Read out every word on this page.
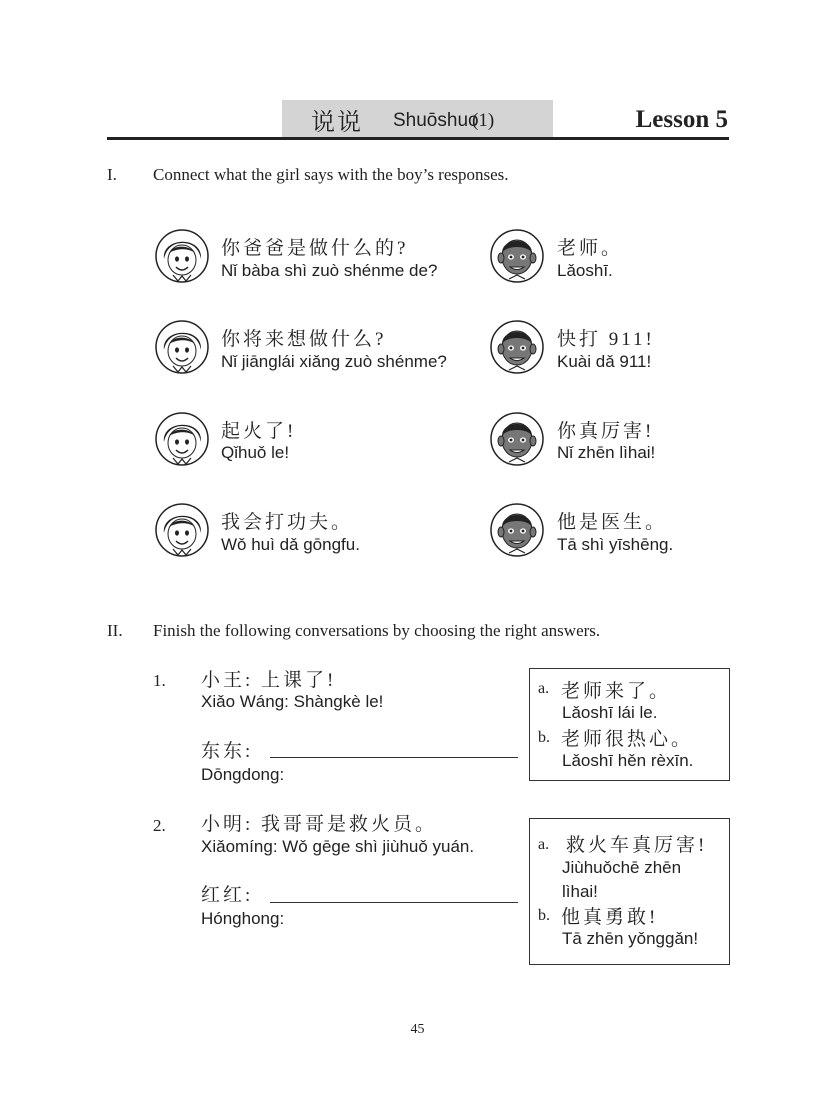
说说 Shuōshuo
(1)	Lesson 5
I. Connect what the girl says with the boy’s responses.
你爸爸是做什么的?
Nǐ bàba shì zuò shénme de?
你将来想做什么?
Nǐ jiānglái xiǎng zuò shénme?
起火了!
Qǐhuǒ le!
我会打功夫。
Wǒ huì dǎ gōngfu.
老师。
Lǎoshī.
快打 911!
Kuài dǎ 911!
你真厉害!
Nǐ zhēn lìhai!
他是医生。
Tā shì yīshēng.
II. Finish the following conversations by choosing the right answers.
1. 小王: 上课了!
Xiǎo Wáng: Shàngkè le!
东东:
Dōngdong:
a. 老师来了。
Lǎoshī lái le.
b. 老师很热心。
Lǎoshī hěn rèxīn.
2. 小明: 我哥哥是救火员。
Xiǎomíng: Wǒ gēge shì jiùhuǒ yuán.
红红:
Hónghong:
a. 救火车真厉害!
Jiùhuǒchē zhēn
lìhai!
b. 他真勇敢!
Tā zhēn yǒnggǎn!
45
